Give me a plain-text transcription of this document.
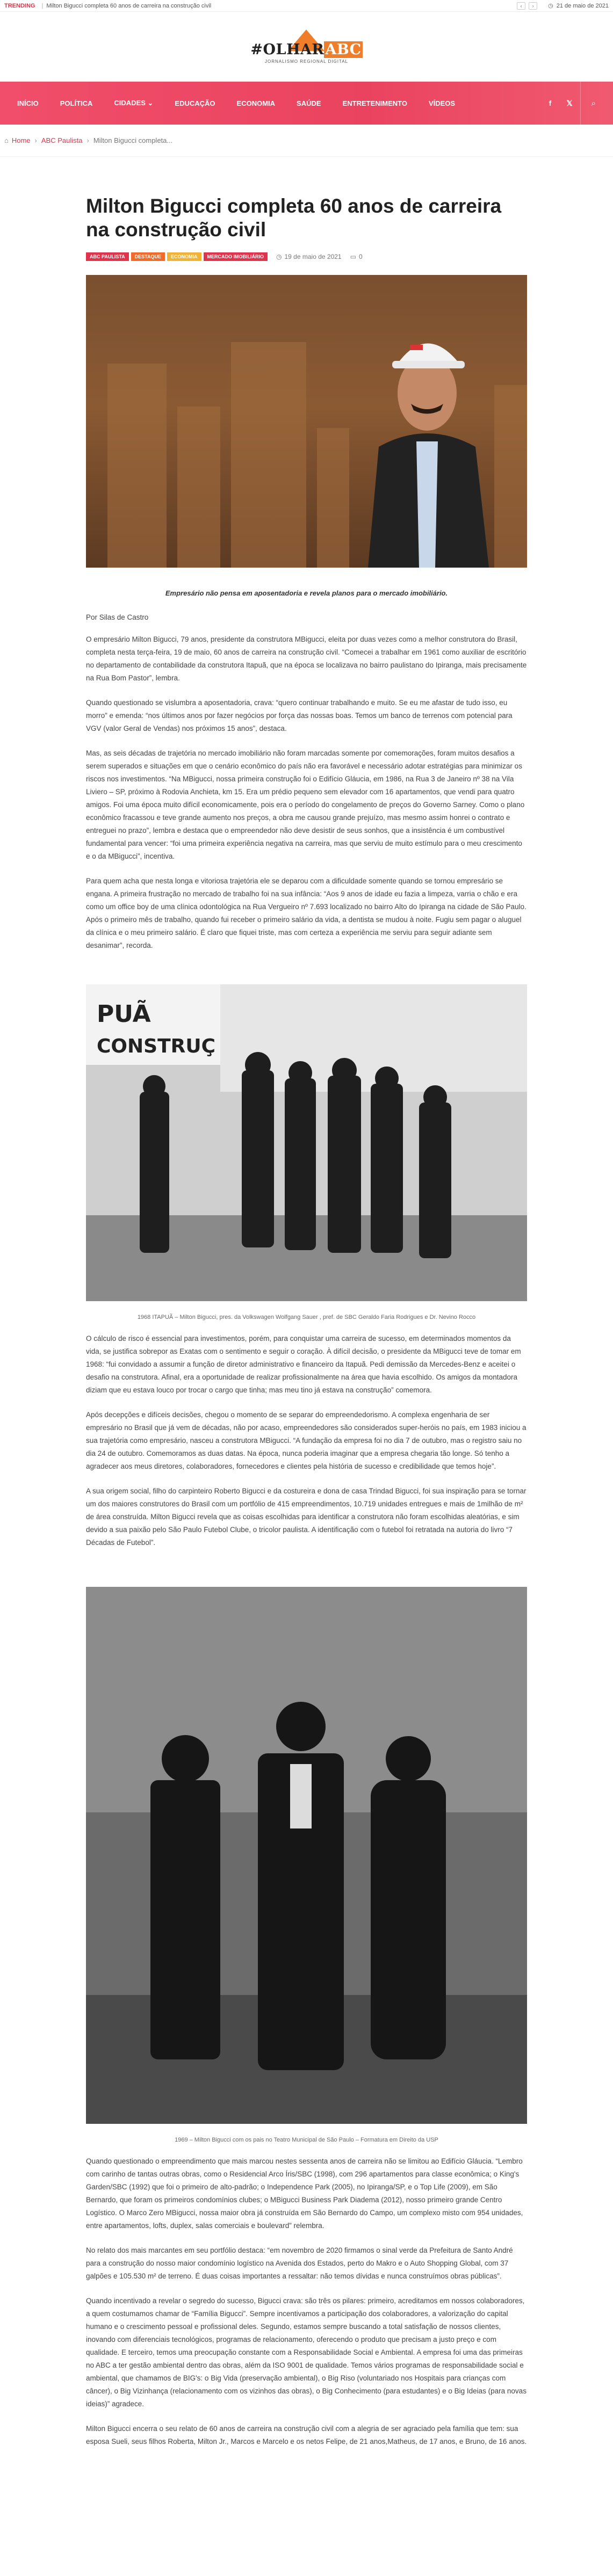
TRENDING | Milton Bigucci completa 60 anos de carreira na construção civil	‹	›	◷ 21 de maio de 2021
#OLHARABC
JORNALISMO REGIONAL DIGITAL
INÍCIO	POLÍTICA	CIDADES ⌄	EDUCAÇÃO	ECONOMIA	SAÚDE	ENTRETENIMENTO	VÍDEOS	f	𝕏	⌕
⌂ Home › ABC Paulista › Milton Bigucci completa...
Milton Bigucci completa 60 anos de carreira na construção civil
ABC PAULISTA	DESTAQUE	ECONOMIA	MERCADO IMOBILIÁRIO	◷ 19 de maio de 2021 ▭ 0

Empresário não pensa em aposentadoria e revela planos para o mercado imobiliário.

Por Silas de Castro

O empresário Milton Bigucci, 79 anos, presidente da construtora MBigucci, eleita por duas vezes como a melhor construtora do Brasil, completa nesta terça-feira, 19 de maio, 60 anos de carreira na construção civil. “Comecei a trabalhar em 1961 como auxiliar de escritório no departamento de contabilidade da construtora Itapuã, que na época se localizava no bairro paulistano do Ipiranga, mais precisamente na Rua Bom Pastor”, lembra.

Quando questionado se vislumbra a aposentadoria, crava: “quero continuar trabalhando e muito. Se eu me afastar de tudo isso, eu morro” e emenda: “nos últimos anos por fazer negócios por força das nossas boas. Temos um banco de terrenos com potencial para VGV (valor Geral de Vendas) nos próximos 15 anos”, destaca.

Mas, as seis décadas de trajetória no mercado imobiliário não foram marcadas somente por comemorações, foram muitos desafios a serem superados e situações em que o cenário econômico do país não era favorável e necessário adotar estratégias para minimizar os riscos nos investimentos. “Na MBigucci, nossa primeira construção foi o Edifício Gláucia, em 1986, na Rua 3 de Janeiro nº 38 na Vila Liviero – SP, próximo à Rodovia Anchieta, km 15. Era um prédio pequeno sem elevador com 16 apartamentos, que vendi para quatro amigos. Foi uma época muito difícil economicamente, pois era o período do congelamento de preços do Governo Sarney. Como o plano econômico fracassou e teve grande aumento nos preços, a obra me causou grande prejuízo, mas mesmo assim honrei o contrato e entreguei no prazo”, lembra e destaca que o empreendedor não deve desistir de seus sonhos, que a insistência é um combustível fundamental para vencer: “foi uma primeira experiência negativa na carreira, mas que serviu de muito estímulo para o meu crescimento e o da MBigucci”, incentiva.

Para quem acha que nesta longa e vitoriosa trajetória ele se deparou com a dificuldade somente quando se tornou empresário se engana. A primeira frustração no mercado de trabalho foi na sua infância: “Aos 9 anos de idade eu fazia a limpeza, varria o chão e era como um office boy de uma clínica odontológica na Rua Vergueiro nº 7.693 localizado no bairro Alto do Ipiranga na cidade de São Paulo. Após o primeiro mês de trabalho, quando fui receber o primeiro salário da vida, a dentista se mudou à noite. Fugiu sem pagar o aluguel da clínica e o meu primeiro salário. É claro que fiquei triste, mas com certeza a experiência me serviu para seguir adiante sem desanimar”, recorda.

PUÃ
CONSTRUÇ

1968 ITAPUÃ – Milton Bigucci, pres. da Volkswagen Wolfgang Sauer , pref. de SBC Geraldo Faria Rodrigues e Dr. Nevino Rocco

O cálculo de risco é essencial para investimentos, porém, para conquistar uma carreira de sucesso, em determinados momentos da vida, se justifica sobrepor as Exatas com o sentimento e seguir o coração. À difícil decisão, o presidente da MBigucci teve de tomar em 1968: “fui convidado a assumir a função de diretor administrativo e financeiro da Itapuã. Pedi demissão da Mercedes-Benz e aceitei o desafio na construtora. Afinal, era a oportunidade de realizar profissionalmente na área que havia escolhido. Os amigos da montadora diziam que eu estava louco por trocar o cargo que tinha; mas meu tino já estava na construção” comemora.

Após decepções e difíceis decisões, chegou o momento de se separar do empreendedorismo. A complexa engenharia de ser empresário no Brasil que já vem de décadas, não por acaso, empreendedores são considerados super-heróis no país, em 1983 iniciou a sua trajetória como empresário, nasceu a construtora MBigucci. “A fundação da empresa foi no dia 7 de outubro, mas o registro saiu no dia 24 de outubro. Comemoramos as duas datas. Na época, nunca poderia imaginar que a empresa chegaria tão longe. Só tenho a agradecer aos meus diretores, colaboradores, fornecedores e clientes pela história de sucesso e credibilidade que temos hoje”.

A sua origem social, filho do carpinteiro Roberto Bigucci e da costureira e dona de casa Trindad Bigucci, foi sua inspiração para se tornar um dos maiores construtores do Brasil com um portfólio de 415 empreendimentos, 10.719 unidades entregues e mais de 1milhão de m² de área construída. Milton Bigucci revela que as coisas escolhidas para identificar a construtora não foram escolhidas aleatórias, e sim devido a sua paixão pelo São Paulo Futebol Clube, o tricolor paulista. A identificação com o futebol foi retratada na autoria do livro “7 Décadas de Futebol”.

1969 – Milton Bigucci com os pais no Teatro Municipal de São Paulo – Formatura em Direito da USP

Quando questionado o empreendimento que mais marcou nestes sessenta anos de carreira não se limitou ao Edifício Gláucia. “Lembro com carinho de tantas outras obras, como o Residencial Arco Íris/SBC (1998), com 296 apartamentos para classe econômica; o King's Garden/SBC (1992) que foi o primeiro de alto-padrão; o Independence Park (2005), no Ipiranga/SP, e o Top Life (2009), em São Bernardo, que foram os primeiros condomínios clubes; o MBigucci Business Park Diadema (2012), nosso primeiro grande Centro Logístico. O Marco Zero MBigucci, nossa maior obra já construída em São Bernardo do Campo, um complexo misto com 954 unidades, entre apartamentos, lofts, duplex, salas comerciais e boulevard” relembra.

No relato dos mais marcantes em seu portfólio destaca: “em novembro de 2020 firmamos o sinal verde da Prefeitura de Santo André para a construção do nosso maior condomínio logístico na Avenida dos Estados, perto do Makro e o Auto Shopping Global, com 37 galpões e 105.530 m² de terreno. É duas coisas importantes a ressaltar: não temos dívidas e nunca construímos obras públicas”.

Quando incentivado a revelar o segredo do sucesso, Bigucci crava: são três os pilares: primeiro, acreditamos em nossos colaboradores, a quem costumamos chamar de “Família Bigucci”. Sempre incentivamos a participação dos colaboradores, a valorização do capital humano e o crescimento pessoal e profissional deles. Segundo, estamos sempre buscando a total satisfação de nossos clientes, inovando com diferenciais tecnológicos, programas de relacionamento, oferecendo o produto que precisam a justo preço e com qualidade. E terceiro, temos uma preocupação constante com a Responsabilidade Social e Ambiental. A empresa foi uma das primeiras no ABC a ter gestão ambiental dentro das obras, além da ISO 9001 de qualidade. Temos vários programas de responsabilidade social e ambiental, que chamamos de BIG's: o Big Vida (preservação ambiental), o Big Riso (voluntariado nos Hospitais para crianças com câncer), o Big Vizinhança (relacionamento com os vizinhos das obras), o Big Conhecimento (para estudantes) e o Big Ideias (para novas ideias)” agradece.

Milton Bigucci encerra o seu relato de 60 anos de carreira na construção civil com a alegria de ser agraciado pela família que tem: sua esposa Sueli, seus filhos Roberta, Milton Jr., Marcos e Marcelo e os netos Felipe, de 21 anos,Matheus, de 17 anos, e Bruno, de 16 anos.
